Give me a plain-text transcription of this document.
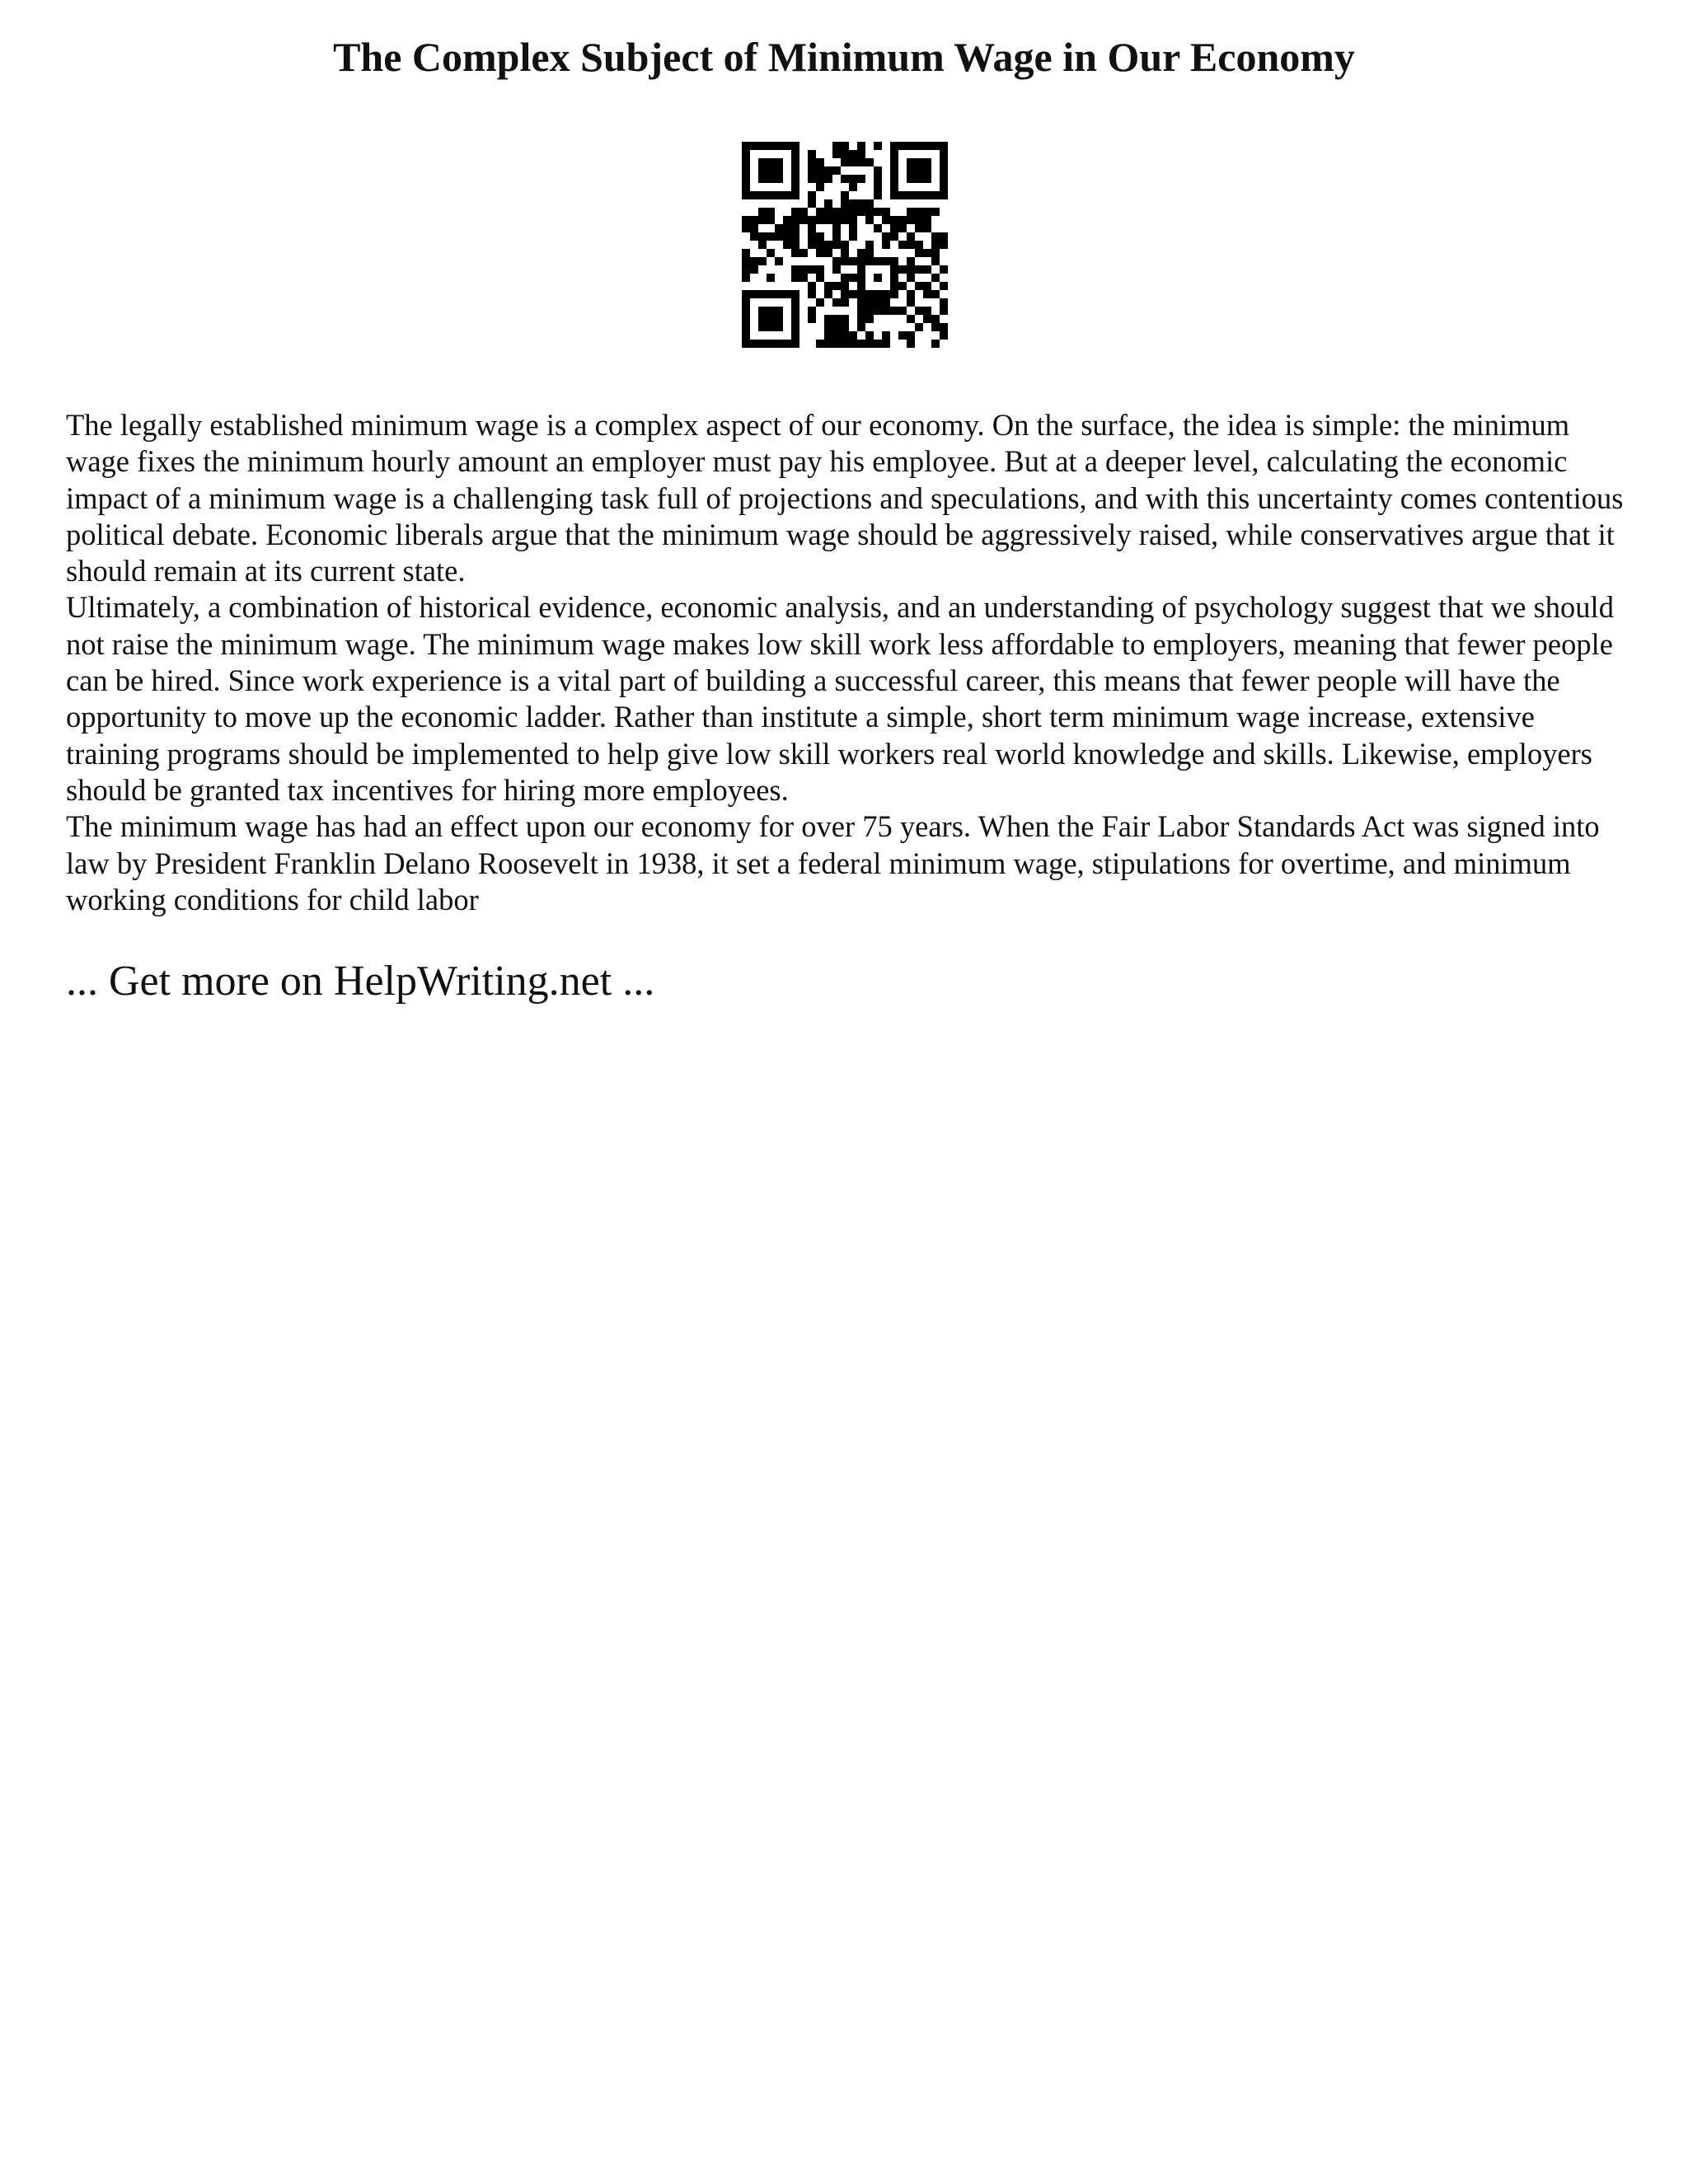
The Complex Subject of Minimum Wage in Our Economy

The legally established minimum wage is a complex aspect of our economy. On the surface, the idea is simple: the minimum wage fixes the minimum hourly amount an employer must pay his employee. But at a deeper level, calculating the economic impact of a minimum wage is a challenging task full of projections and speculations, and with this uncertainty comes contentious political debate. Economic liberals argue that the minimum wage should be aggressively raised, while conservatives argue that it should remain at its current state.

Ultimately, a combination of historical evidence, economic analysis, and an understanding of psychology suggest that we should not raise the minimum wage. The minimum wage makes low skill work less affordable to employers, meaning that fewer people can be hired. Since work experience is a vital part of building a successful career, this means that fewer people will have the opportunity to move up the economic ladder. Rather than institute a simple, short term minimum wage increase, extensive training programs should be implemented to help give low skill workers real world knowledge and skills. Likewise, employers should be granted tax incentives for hiring more employees.

The minimum wage has had an effect upon our economy for over 75 years. When the Fair Labor Standards Act was signed into law by President Franklin Delano Roosevelt in 1938, it set a federal minimum wage, stipulations for overtime, and minimum working conditions for child labor

... Get more on HelpWriting.net ...
